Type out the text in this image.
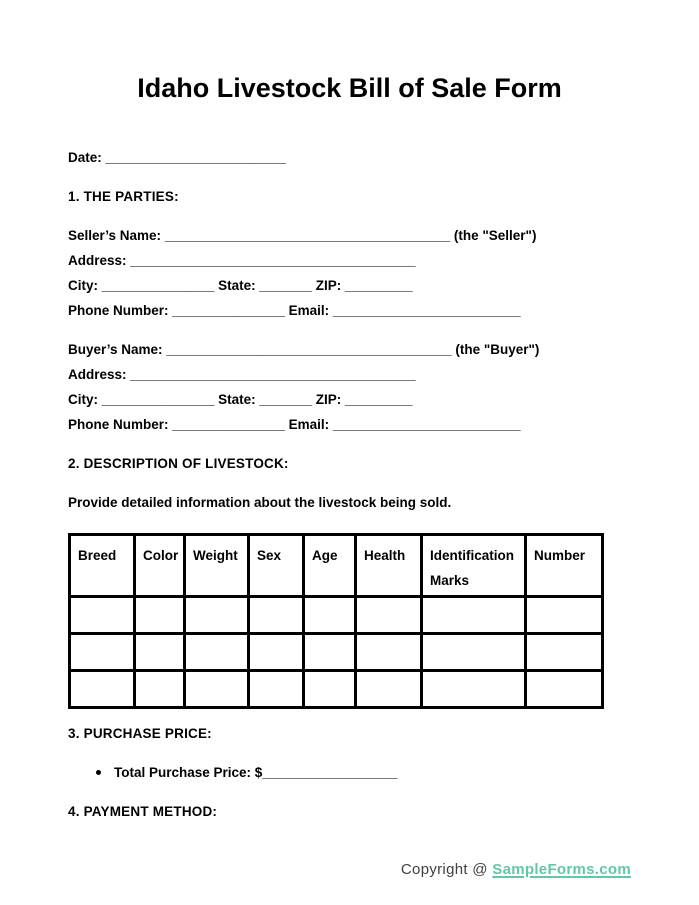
Idaho Livestock Bill of Sale Form
Date: ________________________
1. THE PARTIES:
Seller’s Name: ______________________________________ (the "Seller")
Address: ______________________________________
City: _______________ State: _______ ZIP: _________
Phone Number: _______________ Email: _________________________
Buyer’s Name: ______________________________________ (the "Buyer")
Address: ______________________________________
City: _______________ State: _______ ZIP: _________
Phone Number: _______________ Email: _________________________
2. DESCRIPTION OF LIVESTOCK:
Provide detailed information about the livestock being sold.
Breed	Color	Weight	Sex	Age	Health	Identification Marks	Number

3. PURCHASE PRICE:
Total Purchase Price: $__________________
4. PAYMENT METHOD:
Copyright @ SampleForms.com
